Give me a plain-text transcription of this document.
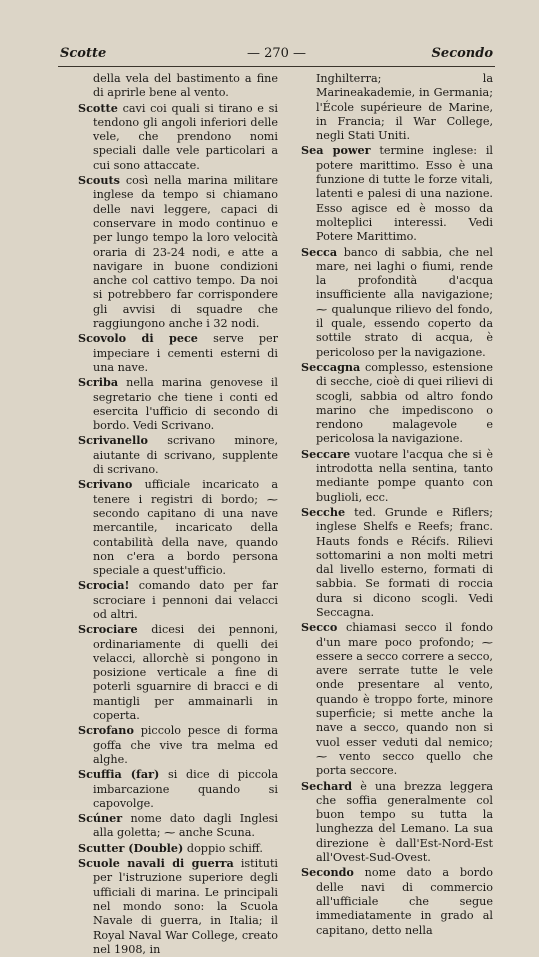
Scotte	— 270 —	Secondo

della vela del bastimento a fine di aprirle bene al vento.

Scotte cavi coi quali si tirano e si tendono gli angoli inferiori delle vele, che prendono nomi speciali dalle vele particolari a cui sono attaccate.

Scouts così nella marina militare inglese da tempo si chiamano delle navi leggere, capaci di conservare in modo continuo e per lungo tempo la loro velocità oraria di 23-24 nodi, e atte a navigare in buone condizioni anche col cattivo tempo. Da noi si potrebbero far corrispondere gli avvisi di squadre che raggiungono anche i 32 nodi.

Scovolo di pece serve per impeciare i cementi esterni di una nave.

Scriba nella marina genovese il segretario che tiene i conti ed esercita l'ufficio di secondo di bordo. Vedi Scrivano.

Scrivanello scrivano minore, aiutante di scrivano, supplente di scrivano.

Scrivano ufficiale incaricato a tenere i registri di bordo; ⁓ secondo capitano di una nave mercantile, incaricato della contabilità della nave, quando non c'era a bordo persona speciale a quest'ufficio.

Scrocia! comando dato per far scrociare i pennoni dai velacci od altri.

Scrociare dicesi dei pennoni, ordinariamente di quelli dei velacci, allorchè si pongono in posizione verticale a fine di poterli sguarnire di bracci e di mantigli per ammainarli in coperta.

Scrofano piccolo pesce di forma goffa che vive tra melma ed alghe.

Scuffia (far) si dice di piccola imbarcazione quando si capovolge.

Scúner nome dato dagli Inglesi alla goletta; ⁓ anche Scuna.

Scutter (Double) doppio schiff.

Scuole navali di guerra istituti per l'istruzione superiore degli ufficiali di marina. Le principali nel mondo sono: la Scuola Navale di guerra, in Italia; il Royal Naval War College, creato nel 1908, in

Inghilterra; la Marineakademie, in Germania; l'École supérieure de Marine, in Francia; il War College, negli Stati Uniti.

Sea power termine inglese: il potere marittimo. Esso è una funzione di tutte le forze vitali, latenti e palesi di una nazione. Esso agisce ed è mosso da molteplici interessi. Vedi Potere Marittimo.

Secca banco di sabbia, che nel mare, nei laghi o fiumi, rende la profondità d'acqua insufficiente alla navigazione; ⁓ qualunque rilievo del fondo, il quale, essendo coperto da sottile strato di acqua, è pericoloso per la navigazione.

Seccagna complesso, estensione di secche, cioè di quei rilievi di scogli, sabbia od altro fondo marino che impediscono o rendono malagevole e pericolosa la navigazione.

Seccare vuotare l'acqua che si è introdotta nella sentina, tanto mediante pompe quanto con buglioli, ecc.

Secche ted. Grunde e Riflers; inglese Shelfs e Reefs; franc. Hauts fonds e Récifs. Rilievi sottomarini a non molti metri dal livello esterno, formati di sabbia. Se formati di roccia dura si dicono scogli. Vedi Seccagna.

Secco chiamasi secco il fondo d'un mare poco profondo; ⁓ essere a secco correre a secco, avere serrate tutte le vele onde presentare al vento, quando è troppo forte, minore superficie; si mette anche la nave a secco, quando non si vuol esser veduti dal nemico; ⁓ vento secco quello che porta seccore.

Sechard è una brezza leggera che soffia generalmente col buon tempo su tutta la lunghezza del Lemano. La sua direzione è dall'Est-Nord-Est all'Ovest-Sud-Ovest.

Secondo nome dato a bordo delle navi di commercio all'ufficiale che segue immediatamente in grado al capitano, detto nella
